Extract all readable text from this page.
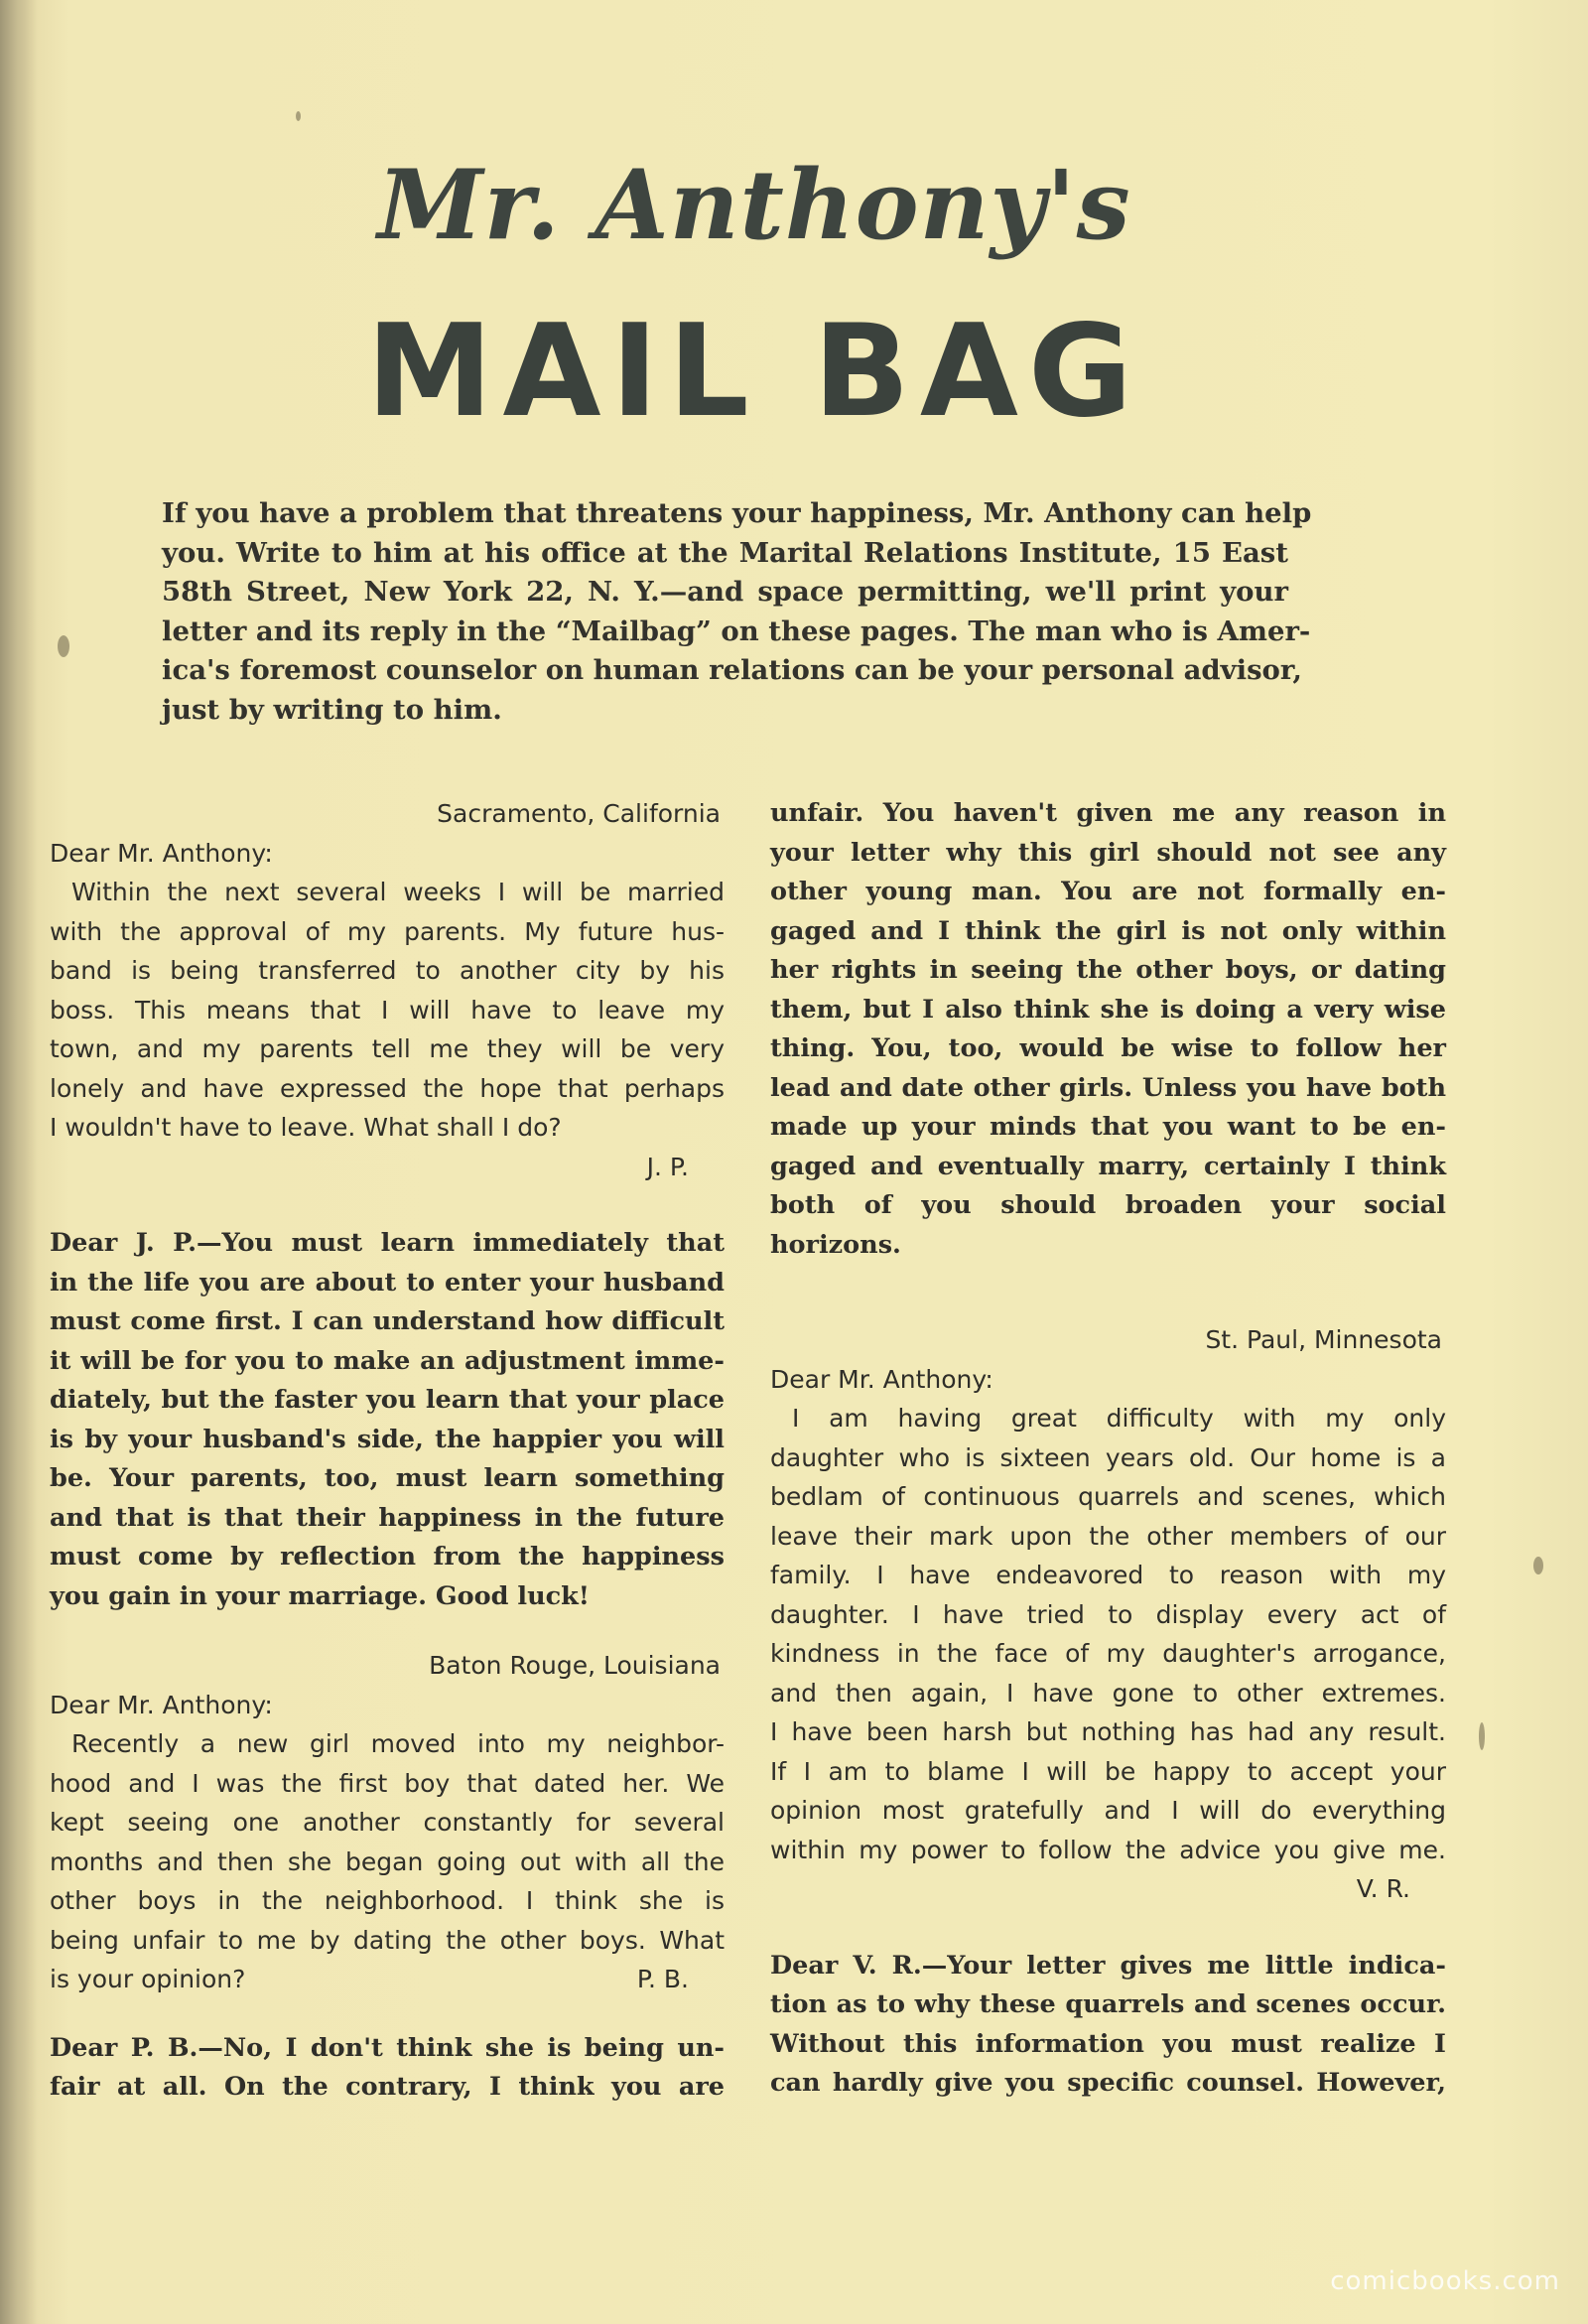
Mr. Anthony's
MAIL BAG
If you have a problem that threatens your happiness, Mr. Anthony can help
you. Write to him at his office at the Marital Relations Institute, 15 East
58th Street, New York 22, N. Y.—and space permitting, we'll print your
letter and its reply in the “Mailbag” on these pages. The man who is Amer-
ica's foremost counselor on human relations can be your personal advisor,
just by writing to him.
Sacramento, California
Dear Mr. Anthony:
Within the next several weeks I will be married
with the approval of my parents. My future hus-
band is being transferred to another city by his
boss. This means that I will have to leave my
town, and my parents tell me they will be very
lonely and have expressed the hope that perhaps
I wouldn't have to leave. What shall I do?
J. P.
Dear J. P.—You must learn immediately that
in the life you are about to enter your husband
must come first. I can understand how difficult
it will be for you to make an adjustment imme-
diately, but the faster you learn that your place
is by your husband's side, the happier you will
be. Your parents, too, must learn something
and that is that their happiness in the future
must come by reflection from the happiness
you gain in your marriage. Good luck!
Baton Rouge, Louisiana
Dear Mr. Anthony:
Recently a new girl moved into my neighbor-
hood and I was the first boy that dated her. We
kept seeing one another constantly for several
months and then she began going out with all the
other boys in the neighborhood. I think she is
being unfair to me by dating the other boys. What
is your opinion?	P. B.
Dear P. B.—No, I don't think she is being un-
fair at all. On the contrary, I think you are
unfair. You haven't given me any reason in
your letter why this girl should not see any
other young man. You are not formally en-
gaged and I think the girl is not only within
her rights in seeing the other boys, or dating
them, but I also think she is doing a very wise
thing. You, too, would be wise to follow her
lead and date other girls. Unless you have both
made up your minds that you want to be en-
gaged and eventually marry, certainly I think
both of you should broaden your social
horizons.
St. Paul, Minnesota
Dear Mr. Anthony:
I am having great difficulty with my only
daughter who is sixteen years old. Our home is a
bedlam of continuous quarrels and scenes, which
leave their mark upon the other members of our
family. I have endeavored to reason with my
daughter. I have tried to display every act of
kindness in the face of my daughter's arrogance,
and then again, I have gone to other extremes.
I have been harsh but nothing has had any result.
If I am to blame I will be happy to accept your
opinion most gratefully and I will do everything
within my power to follow the advice you give me.
V. R.
Dear V. R.—Your letter gives me little indica-
tion as to why these quarrels and scenes occur.
Without this information you must realize I
can hardly give you specific counsel. However,
comicbooks.com
